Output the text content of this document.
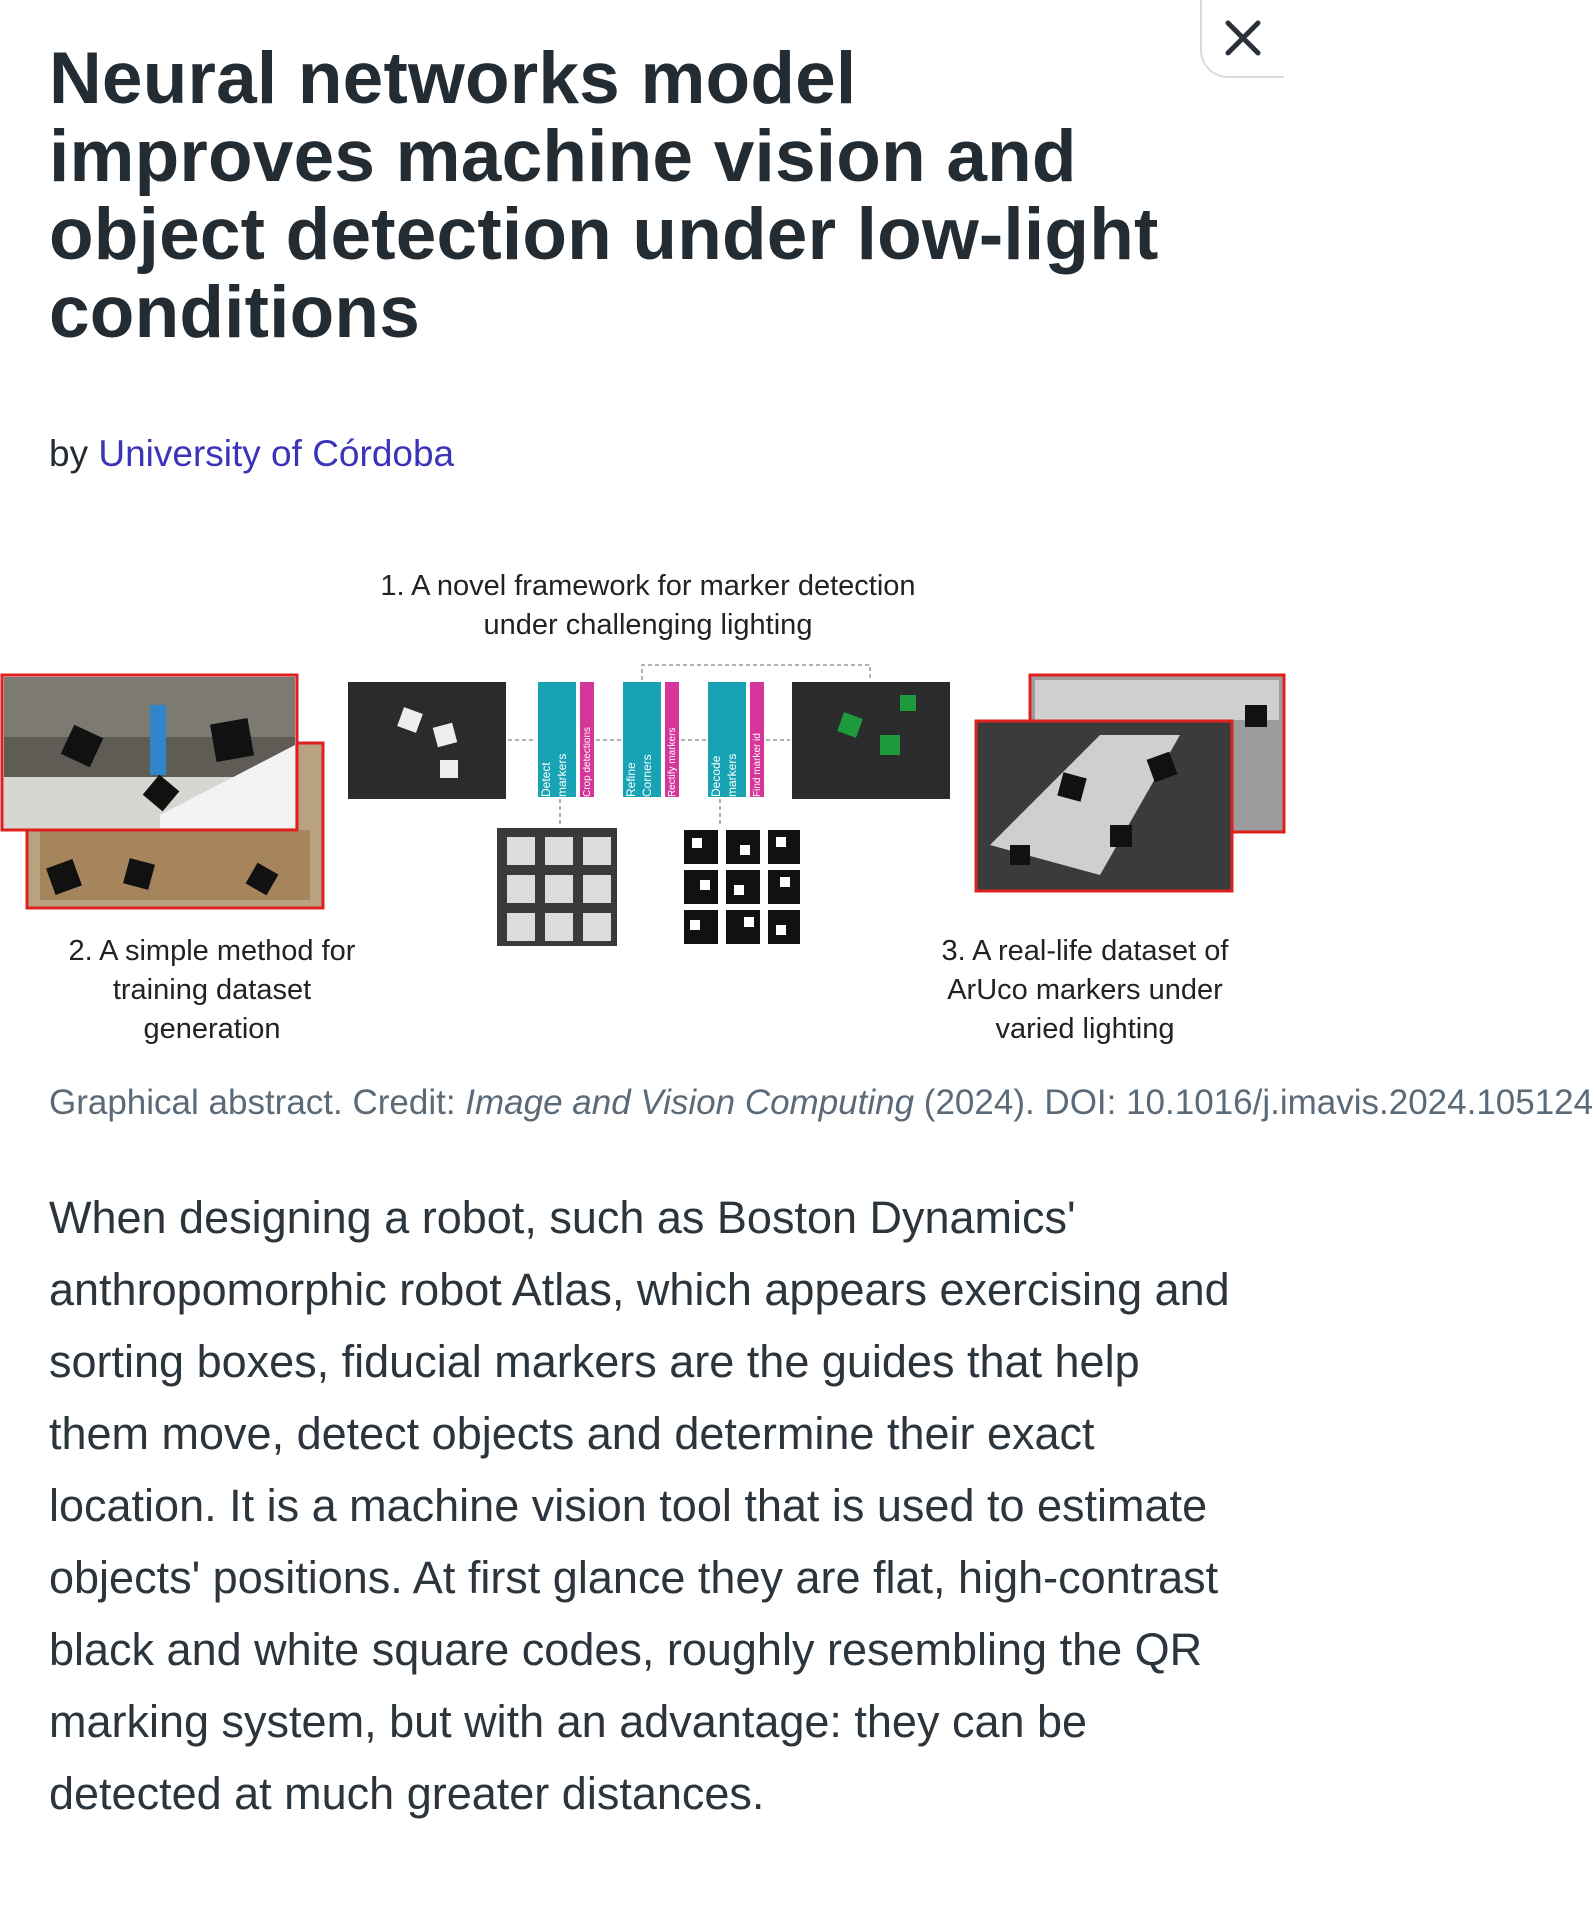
Neural networks model improves machine vision and object detection under low-light conditions
by University of Córdoba
1. A novel framework for marker detection
under challenging lighting
Detect markers Crop detections	Refine Corners Rectify markers	Decode markers Find marker id
2. A simple method for
training dataset
generation
3. A real-life dataset of
ArUco markers under
varied lighting
Graphical abstract. Credit: Image and Vision Computing (2024). DOI: 10.1016/j.imavis.2024.105124

When designing a robot, such as Boston Dynamics' anthropomorphic robot Atlas, which appears exercising and sorting boxes, fiducial markers are the guides that help them move, detect objects and determine their exact location. It is a machine vision tool that is used to estimate objects' positions. At first glance they are flat, high-contrast black and white square codes, roughly resembling the QR marking system, but with an advantage: they can be detected at much greater distances.
